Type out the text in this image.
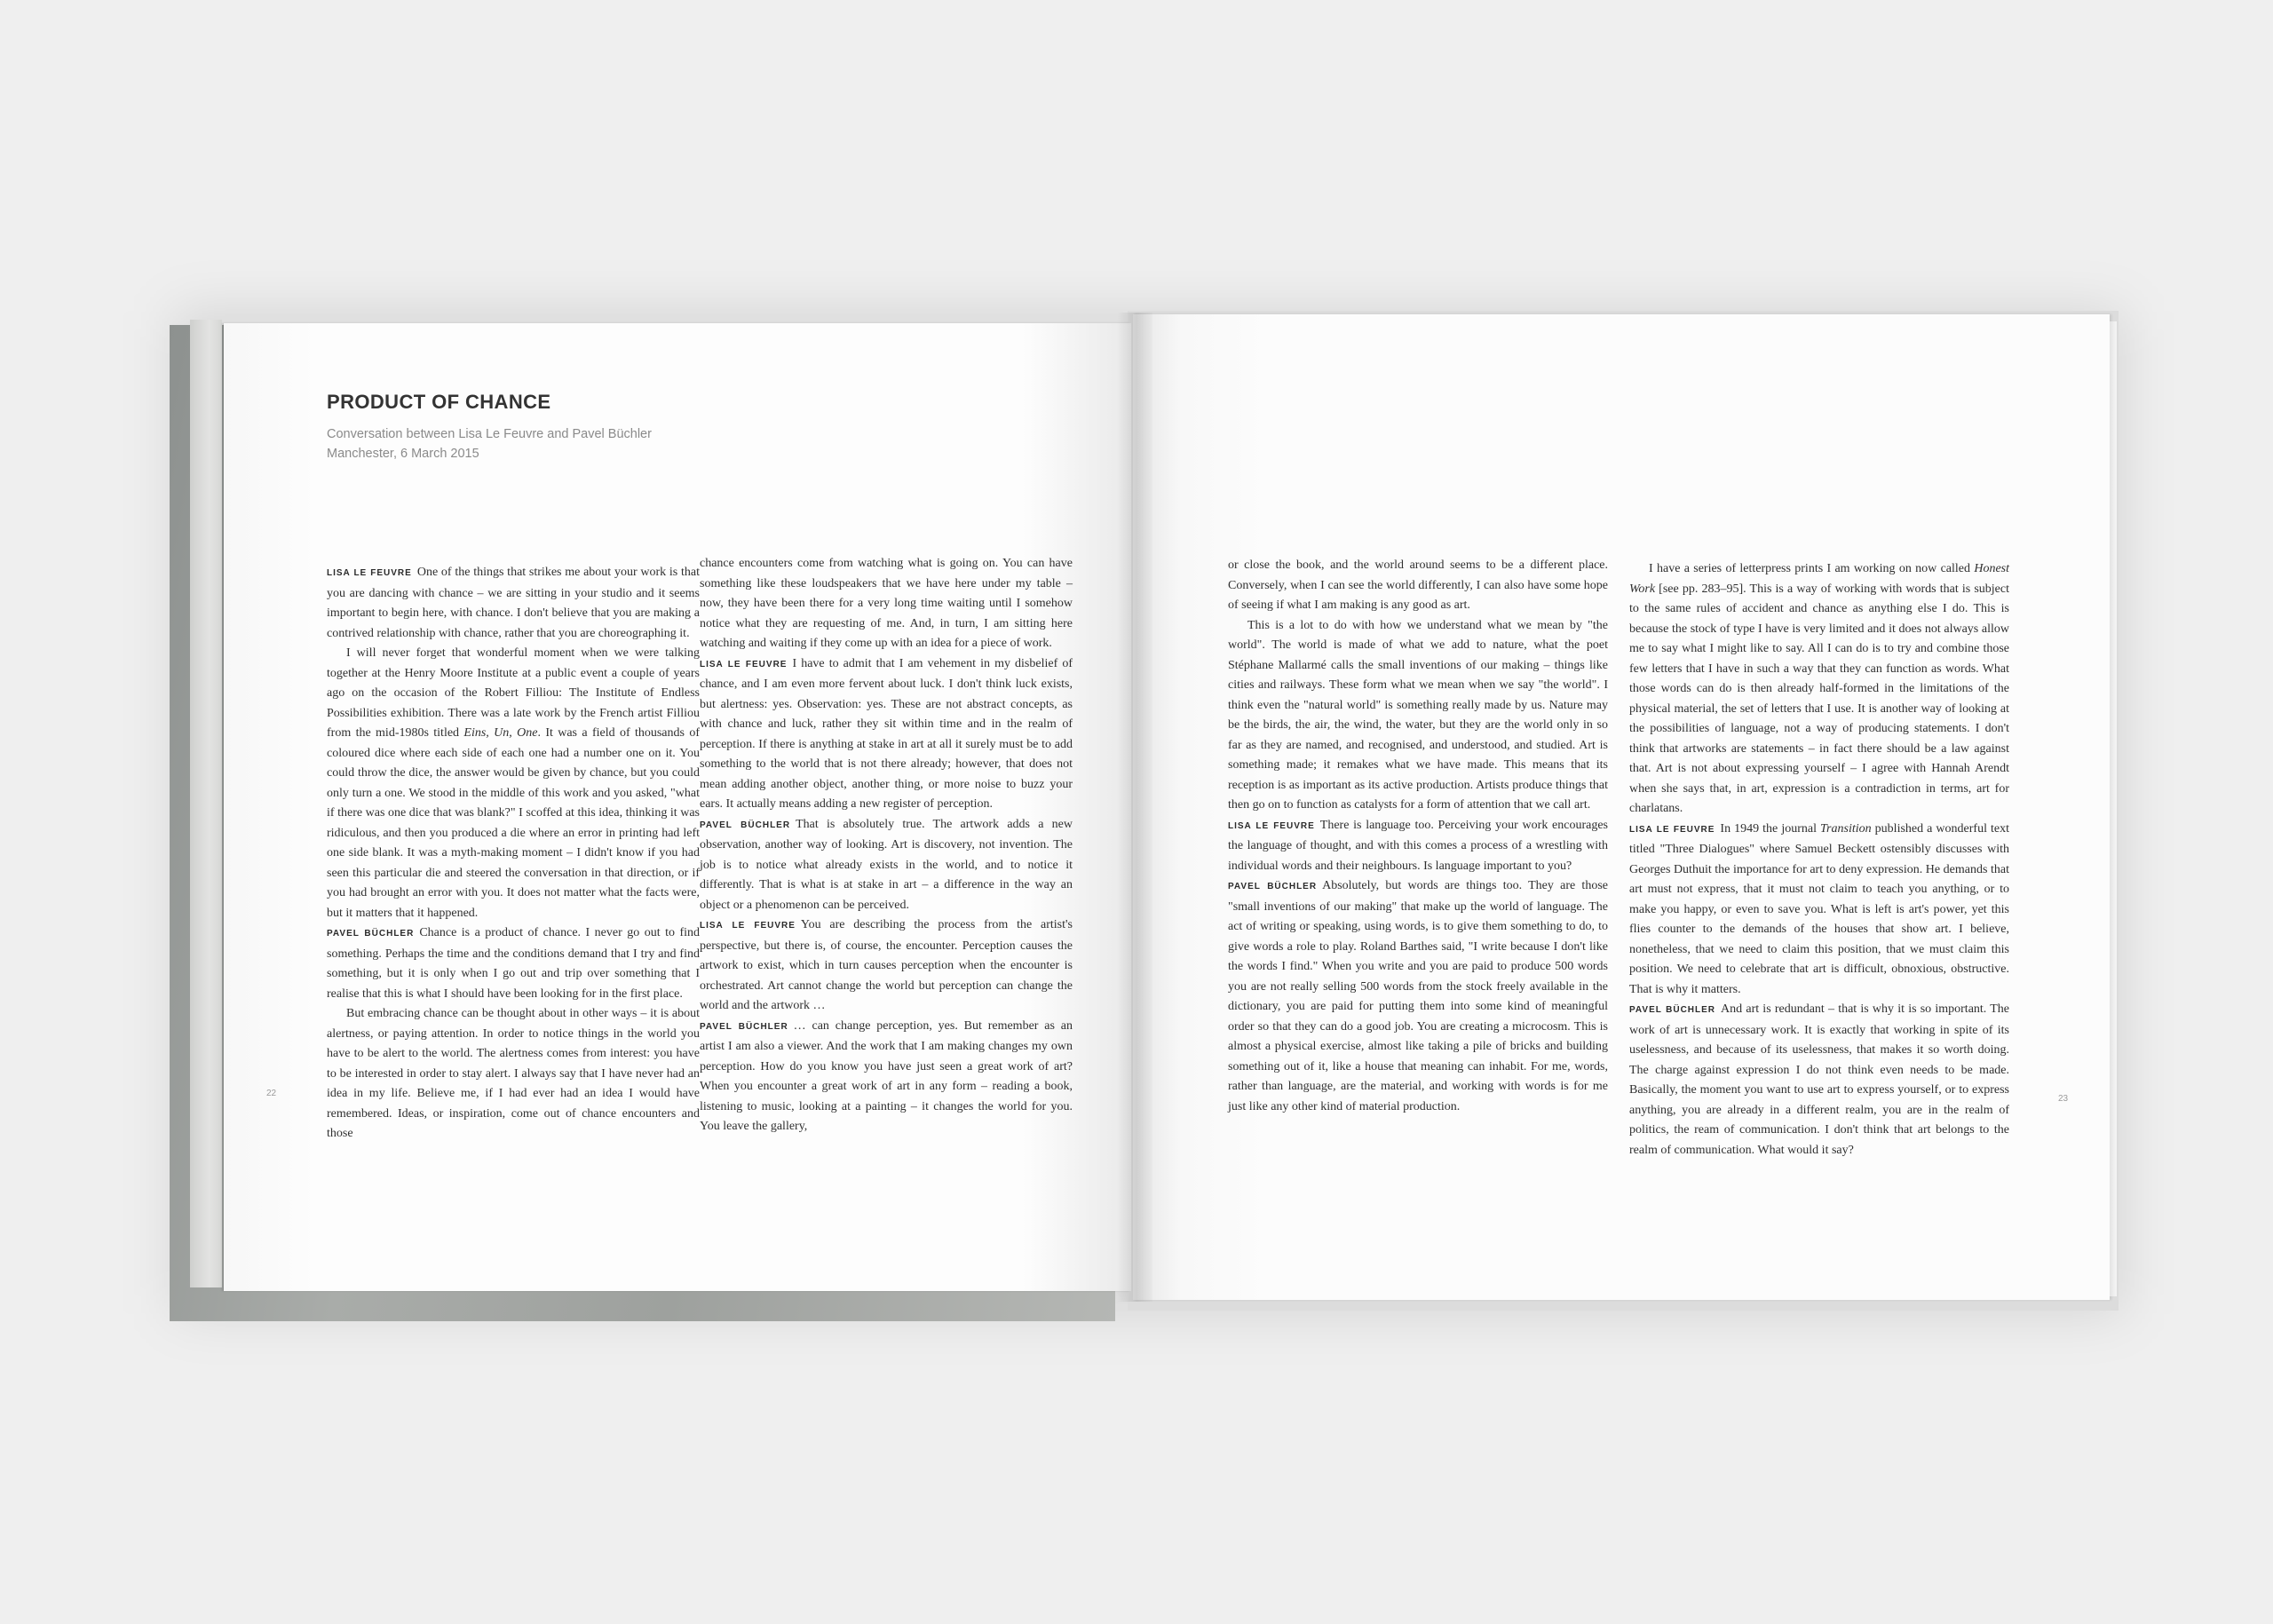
PRODUCT OF CHANCE
Conversation between Lisa Le Feuvre and Pavel Büchler
Manchester, 6 March 2015

LISA LE FEUVRE One of the things that strikes me about your work is that you are dancing with chance – we are sitting in your studio and it seems important to begin here, with chance. I don't believe that you are making a contrived relationship with chance, rather that you are choreographing it.

I will never forget that wonderful moment when we were talking together at the Henry Moore Institute at a public event a couple of years ago on the occasion of the Robert Filliou: The Institute of Endless Possibilities exhibition. There was a late work by the French artist Filliou from the mid-1980s titled Eins, Un, One. It was a field of thousands of coloured dice where each side of each one had a number one on it. You could throw the dice, the answer would be given by chance, but you could only turn a one. We stood in the middle of this work and you asked, "what if there was one dice that was blank?" I scoffed at this idea, thinking it was ridiculous, and then you produced a die where an error in printing had left one side blank. It was a myth-making moment – I didn't know if you had seen this particular die and steered the conversation in that direction, or if you had brought an error with you. It does not matter what the facts were, but it matters that it happened.

PAVEL BÜCHLER Chance is a product of chance. I never go out to find something. Perhaps the time and the conditions demand that I try and find something, but it is only when I go out and trip over something that I realise that this is what I should have been looking for in the first place.

But embracing chance can be thought about in other ways – it is about alertness, or paying attention. In order to notice things in the world you have to be alert to the world. The alertness comes from interest: you have to be interested in order to stay alert. I always say that I have never had an idea in my life. Believe me, if I had ever had an idea I would have remembered. Ideas, or inspiration, come out of chance encounters and those

chance encounters come from watching what is going on. You can have something like these loudspeakers that we have here under my table – now, they have been there for a very long time waiting until I somehow notice what they are requesting of me. And, in turn, I am sitting here watching and waiting if they come up with an idea for a piece of work.

LISA LE FEUVRE I have to admit that I am vehement in my disbelief of chance, and I am even more fervent about luck. I don't think luck exists, but alertness: yes. Observation: yes. These are not abstract concepts, as with chance and luck, rather they sit within time and in the realm of perception. If there is anything at stake in art at all it surely must be to add something to the world that is not there already; however, that does not mean adding another object, another thing, or more noise to buzz your ears. It actually means adding a new register of perception.

PAVEL BÜCHLER That is absolutely true. The artwork adds a new observation, another way of looking. Art is discovery, not invention. The job is to notice what already exists in the world, and to notice it differently. That is what is at stake in art – a difference in the way an object or a phenomenon can be perceived.

LISA LE FEUVRE You are describing the process from the artist's perspective, but there is, of course, the encounter. Perception causes the artwork to exist, which in turn causes perception when the encounter is orchestrated. Art cannot change the world but perception can change the world and the artwork …

PAVEL BÜCHLER … can change perception, yes. But remember as an artist I am also a viewer. And the work that I am making changes my own perception. How do you know you have just seen a great work of art? When you encounter a great work of art in any form – reading a book, listening to music, looking at a painting – it changes the world for you. You leave the gallery,

or close the book, and the world around seems to be a different place. Conversely, when I can see the world differently, I can also have some hope of seeing if what I am making is any good as art.

This is a lot to do with how we understand what we mean by "the world". The world is made of what we add to nature, what the poet Stéphane Mallarmé calls the small inventions of our making – things like cities and railways. These form what we mean when we say "the world". I think even the "natural world" is something really made by us. Nature may be the birds, the air, the wind, the water, but they are the world only in so far as they are named, and recognised, and understood, and studied. Art is something made; it remakes what we have made. This means that its reception is as important as its active production. Artists produce things that then go on to function as catalysts for a form of attention that we call art.

LISA LE FEUVRE There is language too. Perceiving your work encourages the language of thought, and with this comes a process of a wrestling with individual words and their neighbours. Is language important to you?

PAVEL BÜCHLER Absolutely, but words are things too. They are those "small inventions of our making" that make up the world of language. The act of writing or speaking, using words, is to give them something to do, to give words a role to play. Roland Barthes said, "I write because I don't like the words I find." When you write and you are paid to produce 500 words you are not really selling 500 words from the stock freely available in the dictionary, you are paid for putting them into some kind of meaningful order so that they can do a good job. You are creating a microcosm. This is almost a physical exercise, almost like taking a pile of bricks and building something out of it, like a house that meaning can inhabit. For me, words, rather than language, are the material, and working with words is for me just like any other kind of material production.

I have a series of letterpress prints I am working on now called Honest Work [see pp. 283–95]. This is a way of working with words that is subject to the same rules of accident and chance as anything else I do. This is because the stock of type I have is very limited and it does not always allow me to say what I might like to say. All I can do is to try and combine those few letters that I have in such a way that they can function as words. What those words can do is then already half-formed in the limitations of the physical material, the set of letters that I use. It is another way of looking at the possibilities of language, not a way of producing statements. I don't think that artworks are statements – in fact there should be a law against that. Art is not about expressing yourself – I agree with Hannah Arendt when she says that, in art, expression is a contradiction in terms, art for charlatans.

LISA LE FEUVRE In 1949 the journal Transition published a wonderful text titled "Three Dialogues" where Samuel Beckett ostensibly discusses with Georges Duthuit the importance for art to deny expression. He demands that art must not express, that it must not claim to teach you anything, or to make you happy, or even to save you. What is left is art's power, yet this flies counter to the demands of the houses that show art. I believe, nonetheless, that we need to claim this position, that we must claim this position. We need to celebrate that art is difficult, obnoxious, obstructive. That is why it matters.

PAVEL BÜCHLER And art is redundant – that is why it is so important. The work of art is unnecessary work. It is exactly that working in spite of its uselessness, and because of its uselessness, that makes it so worth doing. The charge against expression I do not think even needs to be made. Basically, the moment you want to use art to express yourself, or to express anything, you are already in a different realm, you are in the realm of politics, the ream of communication. I don't think that art belongs to the realm of communication. What would it say?

22
23
